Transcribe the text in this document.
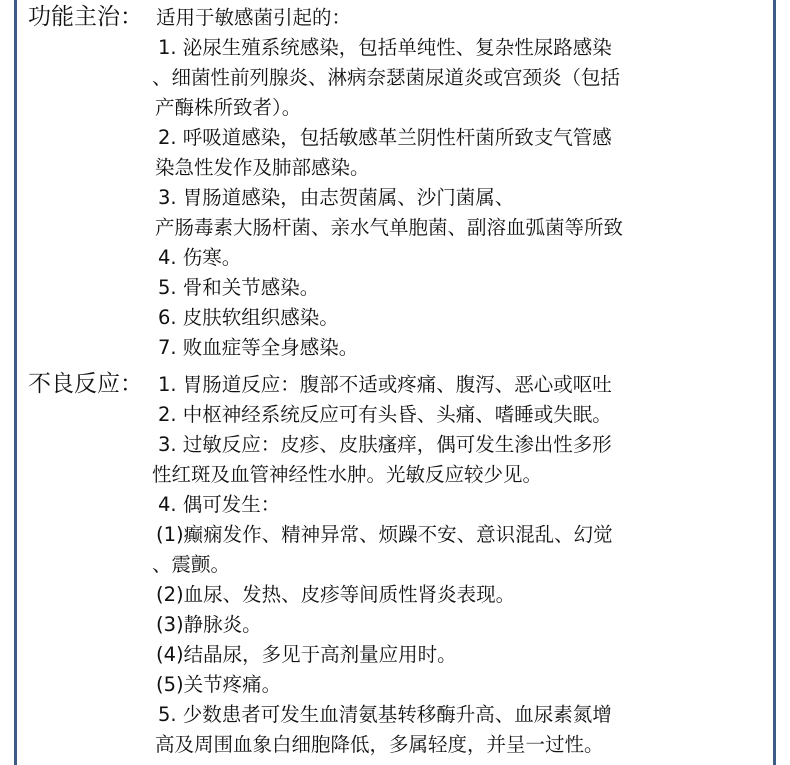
功能主治： 适用于敏感菌引起的：
1. 泌尿生殖系统感染，包括单纯性、复杂性尿路感染
、细菌性前列腺炎、淋病奈瑟菌尿道炎或宫颈炎（包括
产酶株所致者）。
2. 呼吸道感染，包括敏感革兰阴性杆菌所致支气管感
染急性发作及肺部感染。
3. 胃肠道感染，由志贺菌属、沙门菌属、
产肠毒素大肠杆菌、亲水气单胞菌、副溶血弧菌等所致
4. 伤寒。
5. 骨和关节感染。
6. 皮肤软组织感染。
7. 败血症等全身感染。
不良反应： 1. 胃肠道反应：腹部不适或疼痛、腹泻、恶心或呕吐
2. 中枢神经系统反应可有头昏、头痛、嗜睡或失眠。
3. 过敏反应：皮疹、皮肤瘙痒，偶可发生渗出性多形
性红斑及血管神经性水肿。光敏反应较少见。
4. 偶可发生：
(1)癫痫发作、精神异常、烦躁不安、意识混乱、幻觉
、震颤。
(2)血尿、发热、皮疹等间质性肾炎表现。
(3)静脉炎。
(4)结晶尿，多见于高剂量应用时。
(5)关节疼痛。
5. 少数患者可发生血清氨基转移酶升高、血尿素氮增
高及周围血象白细胞降低，多属轻度，并呈一过性。
